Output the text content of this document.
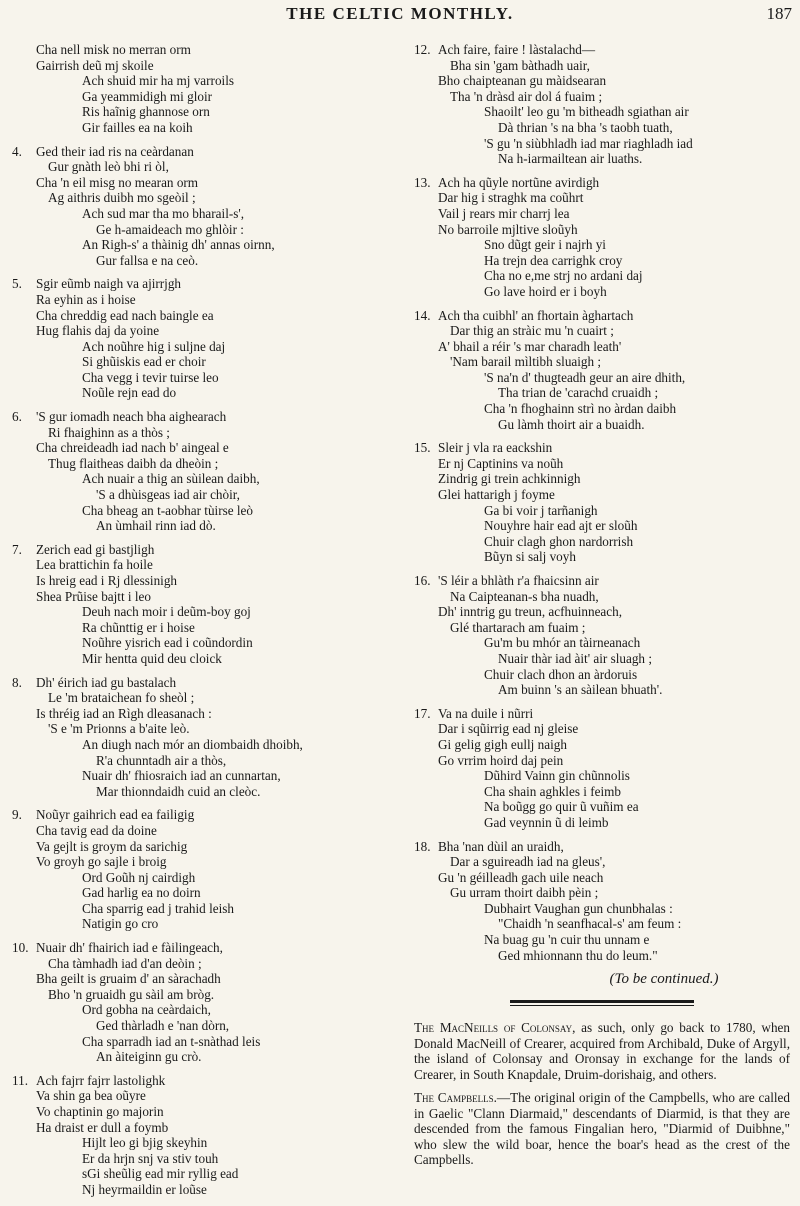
THE CELTIC MONTHLY.	187
Cha nell misk no merran orm
Gairrish deũ mj skoile
Ach shuid mir ha mj varroils
Ga yeammidigh mi gloir
Ris haĩnig ghannose orn
Gir failles ea na koih
4.	Ged their iad ris na ceàrdanan
Gur gnàth leò bhi ri òl,
Cha 'n eil misg no mearan orm
Ag aithris duibh mo sgeòil ;
Ach sud mar tha mo bharail-s',
Ge h-amaideach mo ghlòir :
An Righ-s' a thàinig dh' annas oirnn,
Gur fallsa e na ceò.
5.	Sgir eũmb naigh va ajirrjgh
Ra eyhin as i hoise
Cha chreddig ead nach baingle ea
Hug flahis daj da yoine
Ach noũhre hig i suljne daj
Si ghũiskis ead er choir
Cha vegg i tevir tuirse leo
Noũle rejn ead do
6.	'S gur iomadh neach bha aighearach
Ri fhaighinn as a thòs ;
Cha chreideadh iad nach b' aingeal e
Thug flaitheas daibh da dheòin ;
Ach nuair a thig an sùilean daibh,
'S a dhùisgeas iad air chòir,
Cha bheag an t-aobhar tùirse leò
An ùmhail rinn iad dò.
7.	Zerich ead gi bastjligh
Lea brattichin fa hoile
Is hreig ead i Rj dlessinigh
Shea Prũise bajtt i leo
Deuh nach moir i deũm-boy goj
Ra chũnttig er i hoise
Noũhre yisrich ead i coũndordin
Mir hentta quid deu cloick
8.	Dh' éirich iad gu bastalach
Le 'm brataichean fo sheòl ;
Is thréig iad an Rìgh dleasanach :
'S e 'm Prionns a b'aite leò.
An diugh nach mór an diombaidh dhoibh,
R'a chunntadh air a thòs,
Nuair dh' fhiosraich iad an cunnartan,
Mar thionndaidh cuid an cleòc.
9.	Noũyr gaihrich ead ea failigig
Cha tavig ead da doine
Va gejlt is groym da sarichig
Vo groyh go sajle i broig
Ord Goũh nj cairdigh
Gad harlig ea no doirn
Cha sparrig ead j trahid leish
Natigin go cro
10. Nuair dh' fhairich iad e fàilingeach,
Cha tàmhadh iad d'an deòin ;
Bha geilt is gruaim d' an sàrachadh
Bho 'n gruaidh gu sàil am bròg.
Ord gobha na ceàrdaich,
Ged thàrladh e 'nan dòrn,
Cha sparradh iad an t-snàthad leis
An àiteiginn gu crò.
11. Ach fajrr fajrr lastolighk
Va shin ga bea oũyre
Vo chaptinin go majorin
Ha draist er dull a foymb
Hijlt leo gi bjig skeyhin
Er da hrjn snj va stiv touh
sGi sheũlig ead mir ryllig ead
Nj heyrmaildin er loũse
12. Ach faire, faire ! làstalachd—
Bha sin 'gam bàthadh uair,
Bho chaipteanan gu màidsearan
Tha 'n dràsd air dol á fuaim ;
Shaoilt' leo gu 'm bitheadh sgiathan air
Dà thrian 's na bha 's taobh tuath,
'S gu 'n siùbhladh iad mar riaghladh iad
Na h-iarmailtean air luaths.
13. Ach ha qũyle nortũne avirdigh
Dar hig i straghk ma coũhrt
Vail j rears mir charrj lea
No barroile mjltive sloũyh
Sno dũgt geir i najrh yi
Ha trejn dea carrighk croy
Cha no e,me strj no ardani daj
Go lave hoird er i boyh
14. Ach tha cuibhl' an fhortain àghartach
Dar thig an stràic mu 'n cuairt ;
A' bhail a réir 's mar charadh leath'
'Nam barail mìltibh sluaigh ;
'S na'n d' thugteadh geur an aire dhith,
Tha trian de 'carachd cruaidh ;
Cha 'n fhoghainn strì no àrdan daibh
Gu làmh thoirt air a buaidh.
15. Sleir j vla ra eackshin
Er nj Captinins va noũh
Zindrig gi trein achkinnigh
Glei hattarigh j foyme
Ga bi voir j tarñanigh
Nouyhre hair ead ajt er sloũh
Chuir clagh ghon nardorrish
Bũyn si salj voyh
16. 'S léir a bhlàth r'a fhaicsinn air
Na Caipteanan-s bha nuadh,
Dh' inntrig gu treun, acfhuinneach,
Glé thartarach am fuaim ;
Gu'm bu mhór an tàirneanach
Nuair thàr iad àit' air sluagh ;
Chuir clach dhon an àrdoruis
Am buinn 's an sàilean bhuath'.
17. Va na duile i nũrri
Dar i sqũirrig ead nj gleise
Gi gelig gigh eullj naigh
Go vrrim hoird daj pein
Dũhird Vainn gin chũnnolis
Cha shain aghkles i feimb
Na boũgg go quir ũ vuñim ea
Gad veynnin ũ di leimb
18. Bha 'nan dùil an uraidh,
Dar a sguireadh iad na gleus',
Gu 'n géilleadh gach uile neach
Gu urram thoirt daibh pèin ;
Dubhairt Vaughan gun chunbhalas :
"Chaidh 'n seanfhacal-s' am feum :
Na buag gu 'n cuir thu unnam e
Ged mhionnann thu do leum."
(To be continued.)
The MacNeills of Colonsay, as such, only go back to 1780, when Donald MacNeill of Crearer, acquired from Archibald, Duke of Argyll, the island of Colonsay and Oronsay in exchange for the lands of Crearer, in South Knapdale, Druim-dorishaig, and others.
The Campbells.—The original origin of the Campbells, who are called in Gaelic "Clann Diarmaid," descendants of Diarmid, is that they are descended from the famous Fingalian hero, "Diarmid of Duibhne," who slew the wild boar, hence the boar's head as the crest of the Campbells.
